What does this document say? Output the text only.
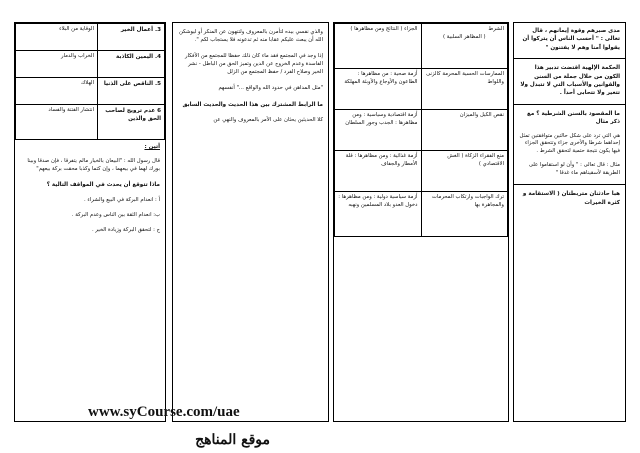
3. أعمال الخير	الوقاية من البلاء
4. اليمين الكاذبة	الخراب والدمار
5. الناقص على الذنيا	الهلاك
6 عدم ترويج لصاحب الحق والذين	انتشار الفتنة والفساد

أتين :

قال رسول الله : "البيعان بالخيار مالم يتفرقا ، فإن صدقا وبينا بورك لهما في بيعهما ، وإن كتما وكذبا محقت بركة بيعهم"

ماذا تتوقع أن يحدث في المواقف التالية ؟

أ : انعدام البركة في البيع والشراء .

ب: انعدام الثقة بين الناس وعدم البركة .

ج : لتحقق البركة وزيادة الخير .

والذي نفسي بيده لتأمرن بالمعروف ولتنهون عن المنكر أو ليوشكن الله أن يبعث عليكم عقابا منه ثم تدعونه فلا يستجاب لكم ".

إذا وجد في المجتمع فقد ماء كان ذلك حفظا للمجتمع من الأفكار الفاسدة وعدم الخروج عن الدين وتميز الحق من الباطل - نشر الخير وصلاح الفرد / حفظ المجتمع من الزلل

"مثل المداهن في حدود الله والواقع ..." أنفسهم

ما الرابط المشترك بين هذا الحديث والحديث السابق

كلا الحديثين يحثان على الأمر بالمعروف والنهي عن

الشرط
( المظاهر السلبية )	الجزاء ( النتائج ومن مظاهرها )
الممارسات الحسية المحرمة كالزنى واللواط	أزمة صحية : من مظاهرها : الطاعون والأوجاع والأوبئة المهلكة
نقص الكيل والميزان	أزمة اقتصادية وسياسية : ومن مظاهرها : الجدب وجور السلطان
منع الفقراء الزكاة ( الغش الاقتصادي )	أزمة غذائية : ومن مظاهرها : قلة الأمطار والجفاف
ترك الواجبات وارتكاب المحرمات والمجاهرة بها	أزمة سياسية دولية : ومن مظاهرها : دخول العدو بلاد المسلمين ونهبه

مدى صبرهم وقوة إيمانهم ، قال تعالى : " أحسب الناس أن يتركوا أن يقولوا آمنا وهم لا يفتنون "

الحكمة الإلهية اقتضت تدبير هذا الكون من خلال جملة من السنن والقوانين والأسباب التي لا تتبدل ولا تتغير ولا تتحابى أحداً .

ما المقصود بالسنن الشرطية ؟ مع ذكر مثال

هي التي ترد على شكل حالتين متوافقتين تمثل إحداهما شرطا والأخرى جزاء وتتحقق الجزاء فيها يكون نتيجة حتمية لتحقق الشرط .

مثال : قال تعالى : " وأن لو استقاموا على الطريقة لأسقيناهم ماء غدقا "

هبا حادثنان متربطتان ( الاستقامة و كثرة الخيرات

www.syCourse.com/uae
موقع المناهج
